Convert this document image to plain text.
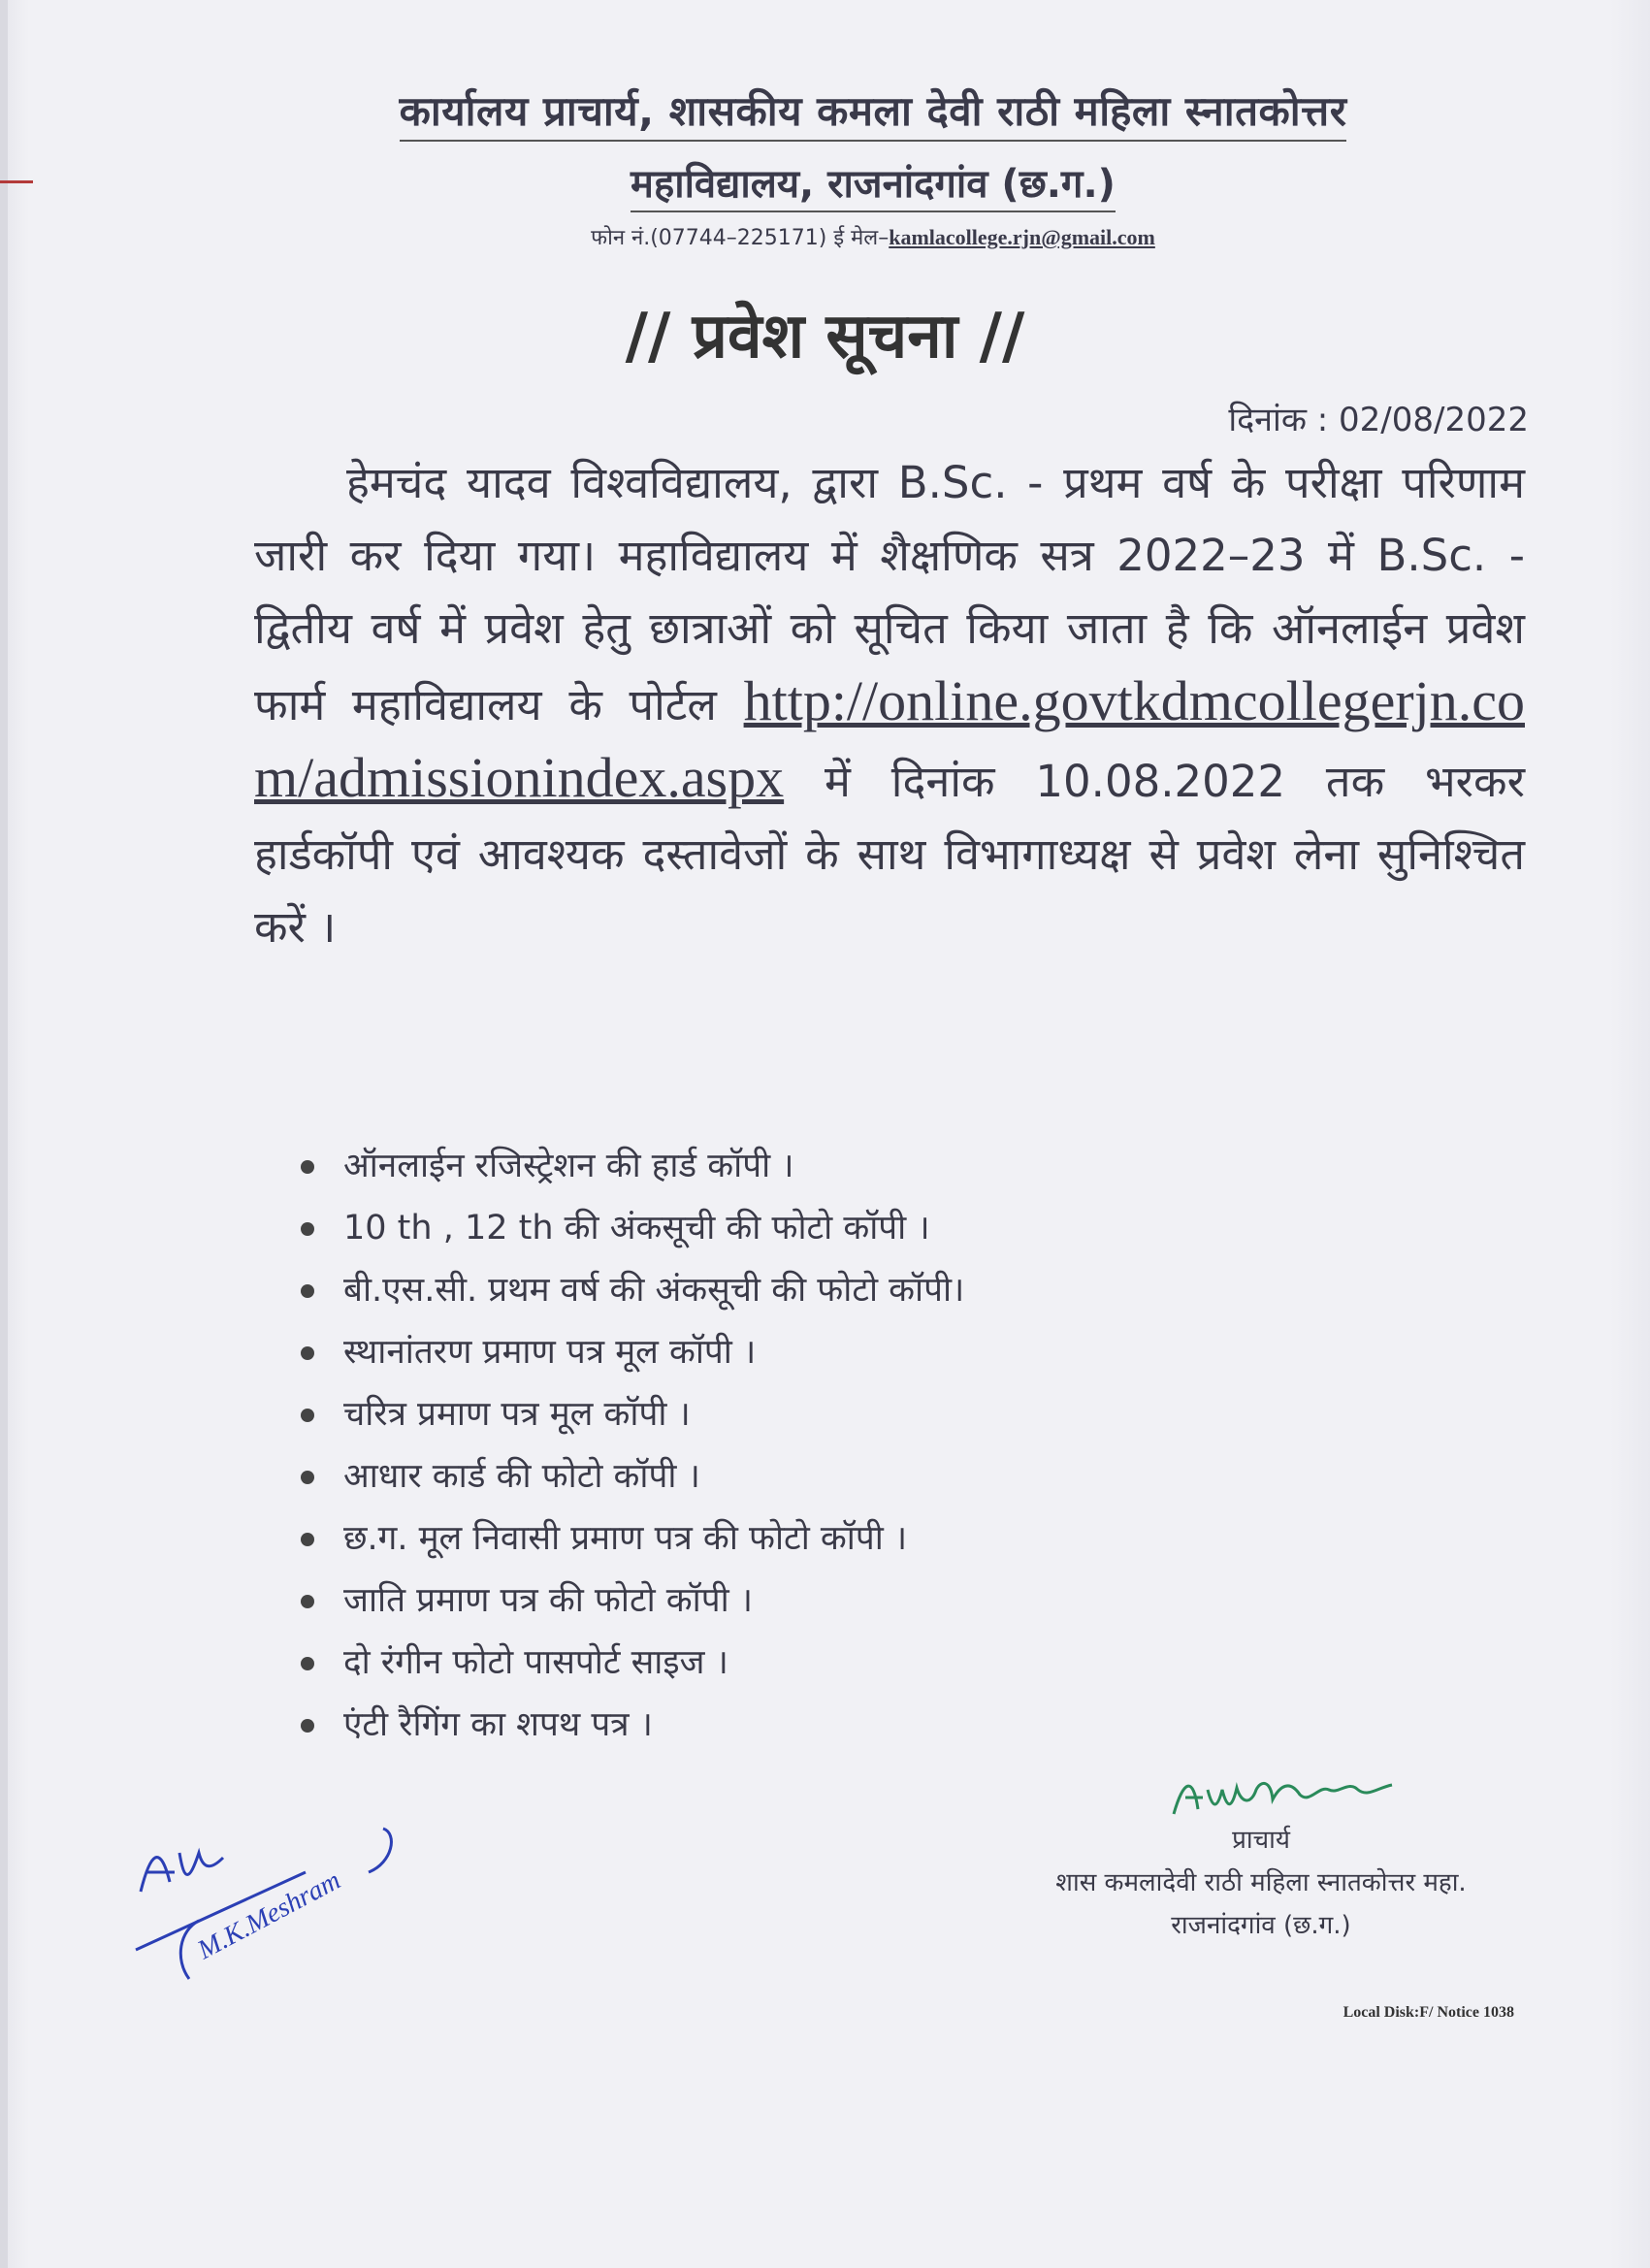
कार्यालय प्राचार्य, शासकीय कमला देवी राठी महिला स्नातकोत्तर
महाविद्यालय, राजनांदगांव (छ.ग.)
फोन नं.(07744–225171) ई मेल–kamlacollege.rjn@gmail.com
// प्रवेश सूचना //
दिनांक : 02/08/2022
हेमचंद यादव विश्वविद्यालय, द्वारा B.Sc. - प्रथम वर्ष के परीक्षा परिणाम जारी कर दिया गया। महाविद्यालय में शैक्षणिक सत्र 2022–23 में B.Sc. - द्वितीय वर्ष में प्रवेश हेतु छात्राओं को सूचित किया जाता है कि ऑनलाईन प्रवेश फार्म महाविद्यालय के पोर्टल http://online.govtkdmcollegerjn.com/admissionindex.aspx में दिनांक 10.08.2022 तक भरकर हार्डकॉपी एवं आवश्यक दस्तावेजों के साथ विभागाध्यक्ष से प्रवेश लेना सुनिश्चित करें ।
ऑनलाईन रजिस्ट्रेशन की हार्ड कॉपी ।
10 th , 12 th की अंकसूची की फोटो कॉपी ।
बी.एस.सी. प्रथम वर्ष की अंकसूची की फोटो कॉपी।
स्थानांतरण प्रमाण पत्र मूल कॉपी ।
चरित्र प्रमाण पत्र मूल कॉपी ।
आधार कार्ड की फोटो कॉपी ।
छ.ग. मूल निवासी प्रमाण पत्र की फोटो कॉपी ।
जाति प्रमाण पत्र की फोटो कॉपी ।
दो रंगीन फोटो पासपोर्ट साइज ।
एंटी रैगिंग का शपथ पत्र ।
प्राचार्य
शास कमलादेवी राठी महिला स्नातकोत्तर महा.
राजनांदगांव (छ.ग.)
M.K.Meshram
Local Disk:F/ Notice 1038
